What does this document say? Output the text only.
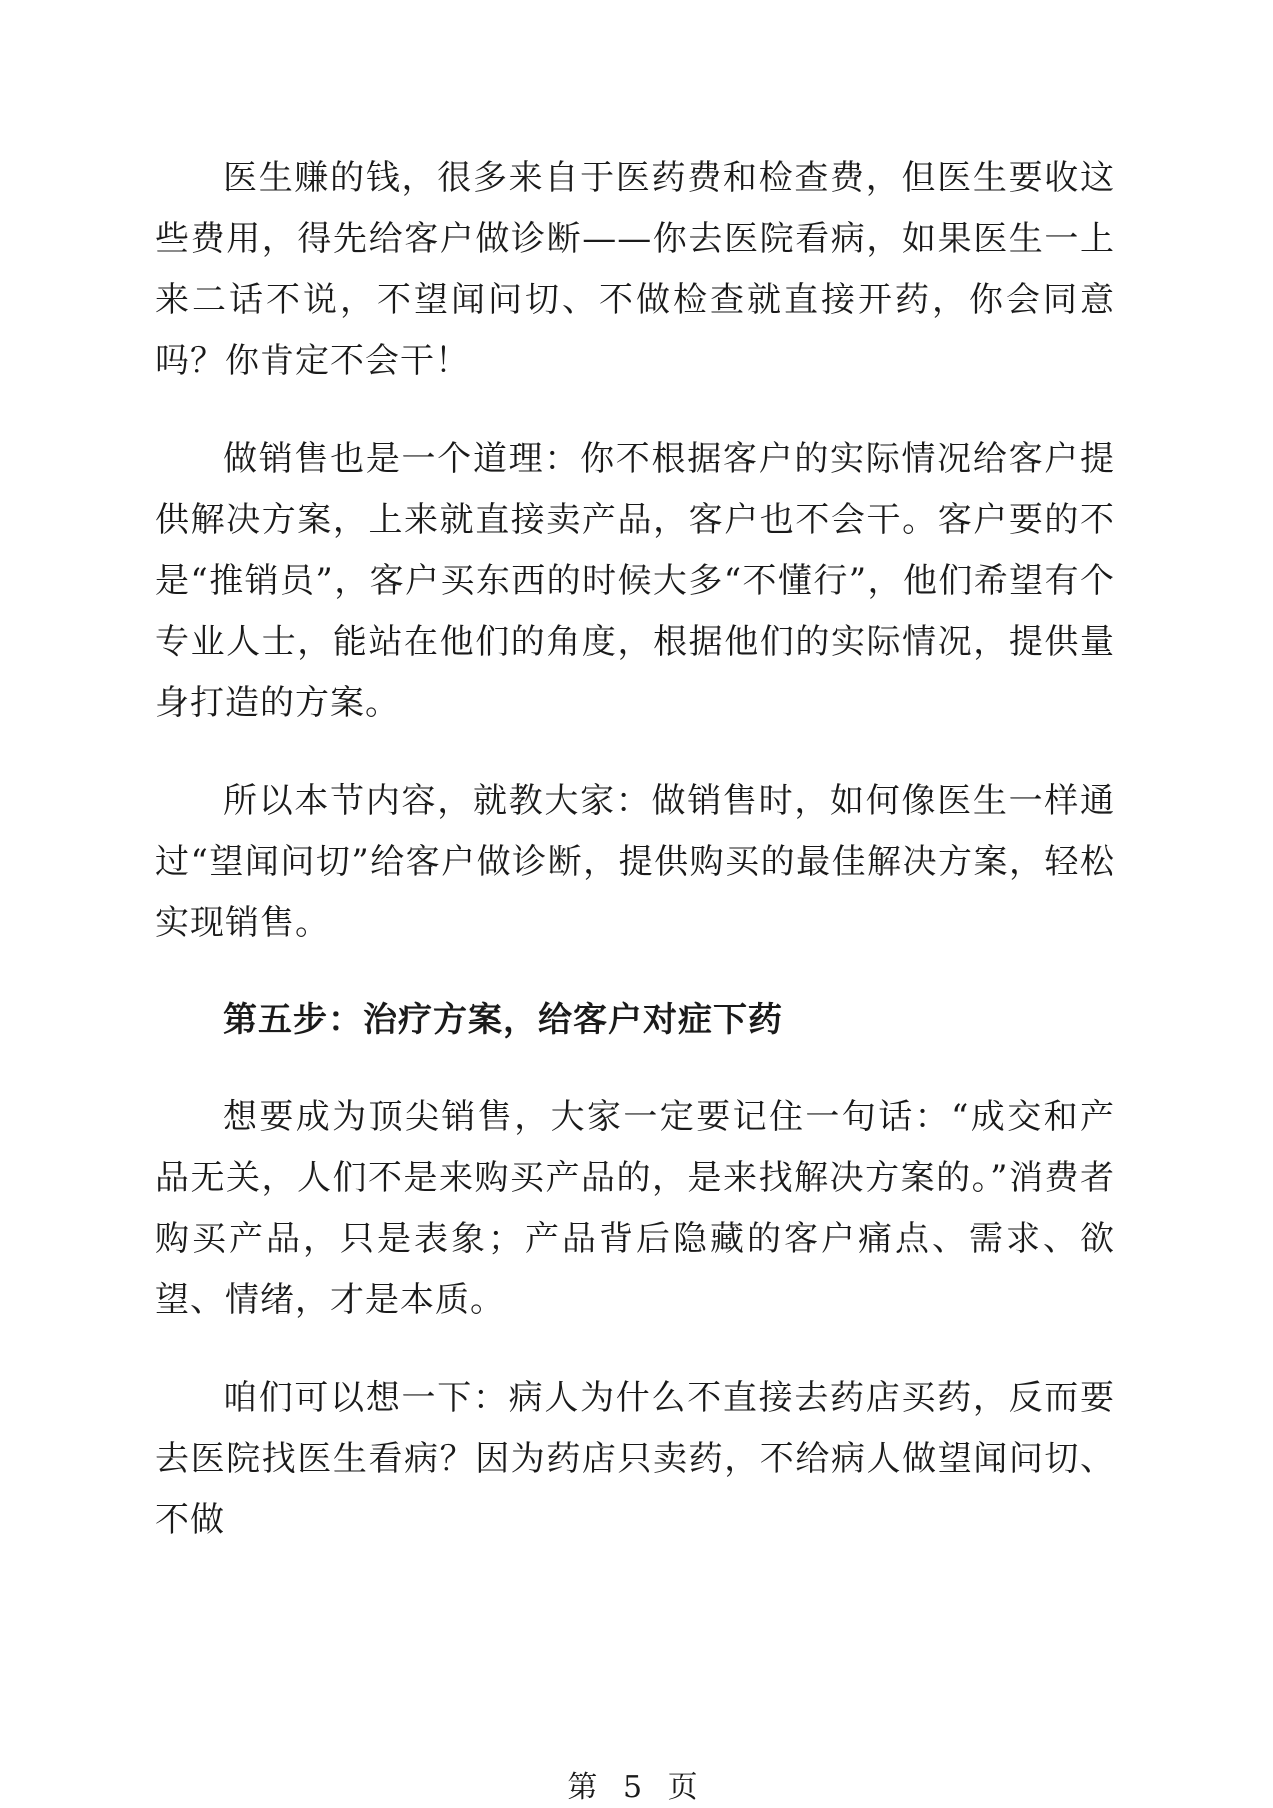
医生赚的钱，很多来自于医药费和检查费，但医生要收这些费用，得先给客户做诊断——你去医院看病，如果医生一上来二话不说，不望闻问切、不做检查就直接开药，你会同意吗？你肯定不会干！

做销售也是一个道理：你不根据客户的实际情况给客户提供解决方案，上来就直接卖产品，客户也不会干。客户要的不是“推销员”，客户买东西的时候大多“不懂行”，他们希望有个专业人士，能站在他们的角度，根据他们的实际情况，提供量身打造的方案。

所以本节内容，就教大家：做销售时，如何像医生一样通过“望闻问切”给客户做诊断，提供购买的最佳解决方案，轻松实现销售。

第五步：治疗方案，给客户对症下药

想要成为顶尖销售，大家一定要记住一句话：“成交和产品无关，人们不是来购买产品的，是来找解决方案的。”消费者购买产品，只是表象；产品背后隐藏的客户痛点、需求、欲望、情绪，才是本质。

咱们可以想一下：病人为什么不直接去药店买药，反而要去医院找医生看病？因为药店只卖药，不给病人做望闻问切、不做

第 5 页
